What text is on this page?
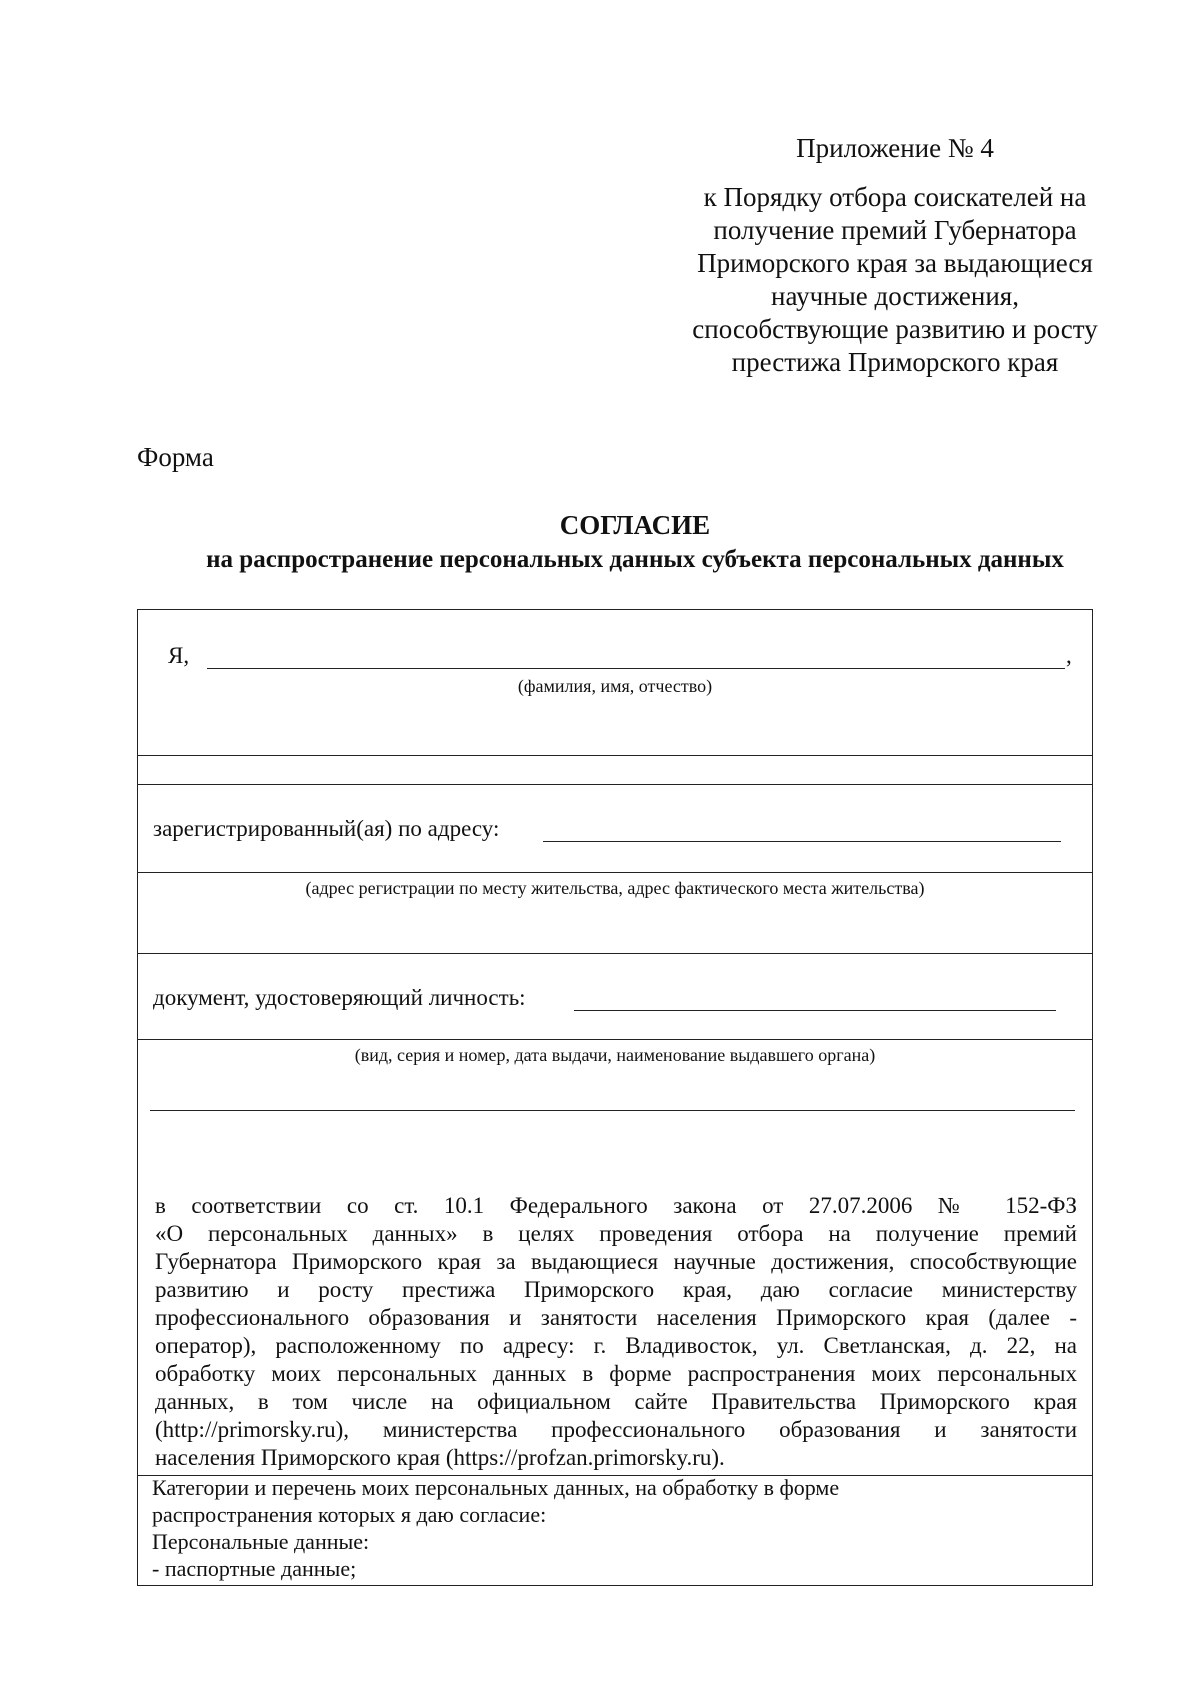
Приложение № 4
к Порядку отбора соискателей на
получение премий Губернатора
Приморского края за выдающиеся
научные достижения,
способствующие развитию и росту
престижа Приморского края
Форма
СОГЛАСИЕ
на распространение персональных данных субъекта персональных данных
Я,	,
(фамилия, имя, отчество)
зарегистрированный(ая) по адресу:
(адрес регистрации по месту жительства, адрес фактического места жительства)
документ, удостоверяющий личность:
(вид, серия и номер, дата выдачи, наименование выдавшего органа)

в соответствии со ст. 10.1 Федерального закона от 27.07.2006 № 152-ФЗ

«О персональных данных» в целях проведения отбора на получение премий

Губернатора Приморского края за выдающиеся научные достижения, способствующие

развитию и росту престижа Приморского края, даю согласие министерству

профессионального образования и занятости населения Приморского края (далее -

оператор), расположенному по адресу: г. Владивосток, ул. Светланская, д. 22, на

обработку моих персональных данных в форме распространения моих персональных

данных, в том числе на официальном сайте Правительства Приморского края

(http://primorsky.ru), министерства профессионального образования и занятости

населения Приморского края (https://profzan.primorsky.ru).

Категории и перечень моих персональных данных, на обработку в форме
распространения которых я даю согласие:
Персональные данные:
- паспортные данные;
